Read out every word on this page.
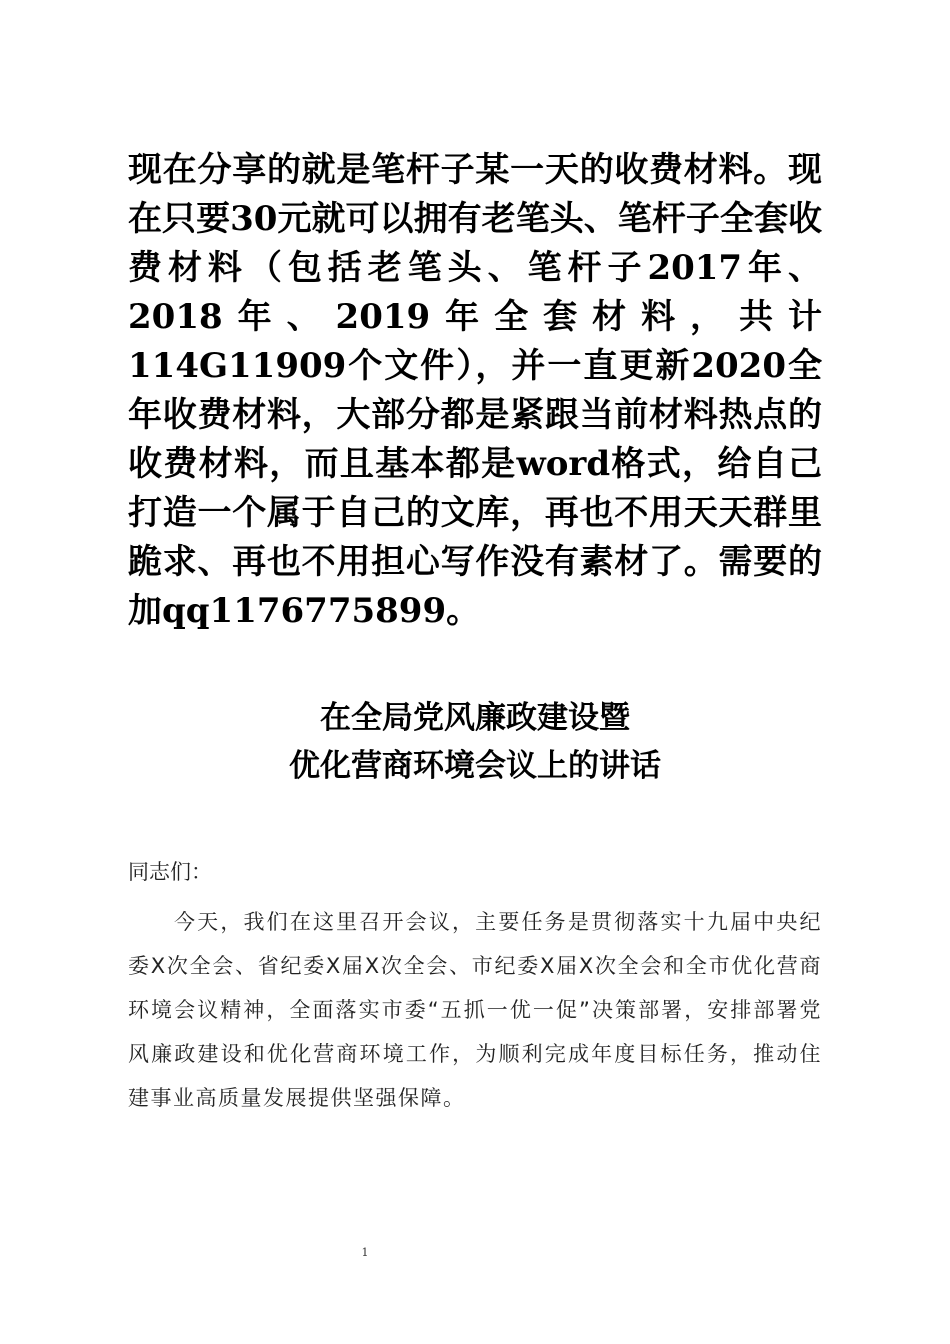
现在分享的就是笔杆子某一天的收费材料。现在只要30元就可以拥有老笔头、笔杆子全套收费材料（包括老笔头、笔杆子2017年、2018年、2019年全套材料，共计114G11909个文件），并一直更新2020全年收费材料，大部分都是紧跟当前材料热点的收费材料，而且基本都是word格式，给自己打造一个属于自己的文库，再也不用天天群里跪求、再也不用担心写作没有素材了。需要的加qq1176775899。

在全局党风廉政建设暨
优化营商环境会议上的讲话

同志们：

今天，我们在这里召开会议，主要任务是贯彻落实十九届中央纪委X次全会、省纪委X届X次全会、市纪委X届X次全会和全市优化营商环境会议精神，全面落实市委“五抓一优一促”决策部署，安排部署党风廉政建设和优化营商环境工作，为顺利完成年度目标任务，推动住建事业高质量发展提供坚强保障。

1
